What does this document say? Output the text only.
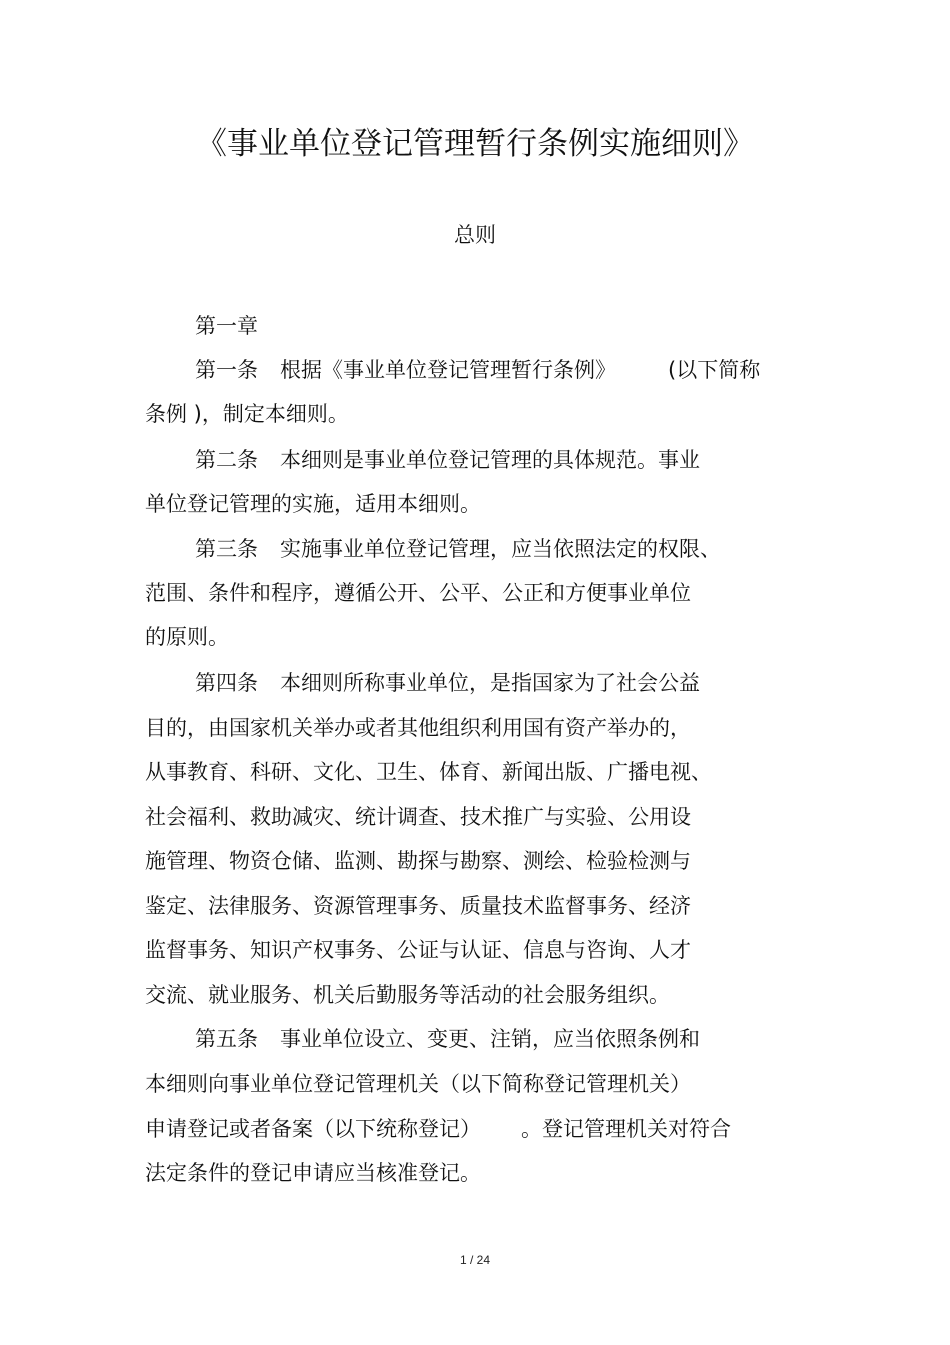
《事业单位登记管理暂行条例实施细则》
总则

第一章

第一条 根据《事业单位登记管理暂行条例》 (以下简称

条例 )，制定本细则。

第二条 本细则是事业单位登记管理的具体规范。事业

单位登记管理的实施，适用本细则。

第三条 实施事业单位登记管理，应当依照法定的权限、

范围、条件和程序，遵循公开、公平、公正和方便事业单位

的原则。

第四条 本细则所称事业单位，是指国家为了社会公益

目的，由国家机关举办或者其他组织利用国有资产举办的，

从事教育、科研、文化、卫生、体育、新闻出版、广播电视、

社会福利、救助减灾、统计调查、技术推广与实验、公用设

施管理、物资仓储、监测、勘探与勘察、测绘、检验检测与

鉴定、法律服务、资源管理事务、质量技术监督事务、经济

监督事务、知识产权事务、公证与认证、信息与咨询、人才

交流、就业服务、机关后勤服务等活动的社会服务组织。

第五条 事业单位设立、变更、注销，应当依照条例和

本细则向事业单位登记管理机关（以下简称登记管理机关）

申请登记或者备案（以下统称登记） 。登记管理机关对符合

法定条件的登记申请应当核准登记。

1 / 24
